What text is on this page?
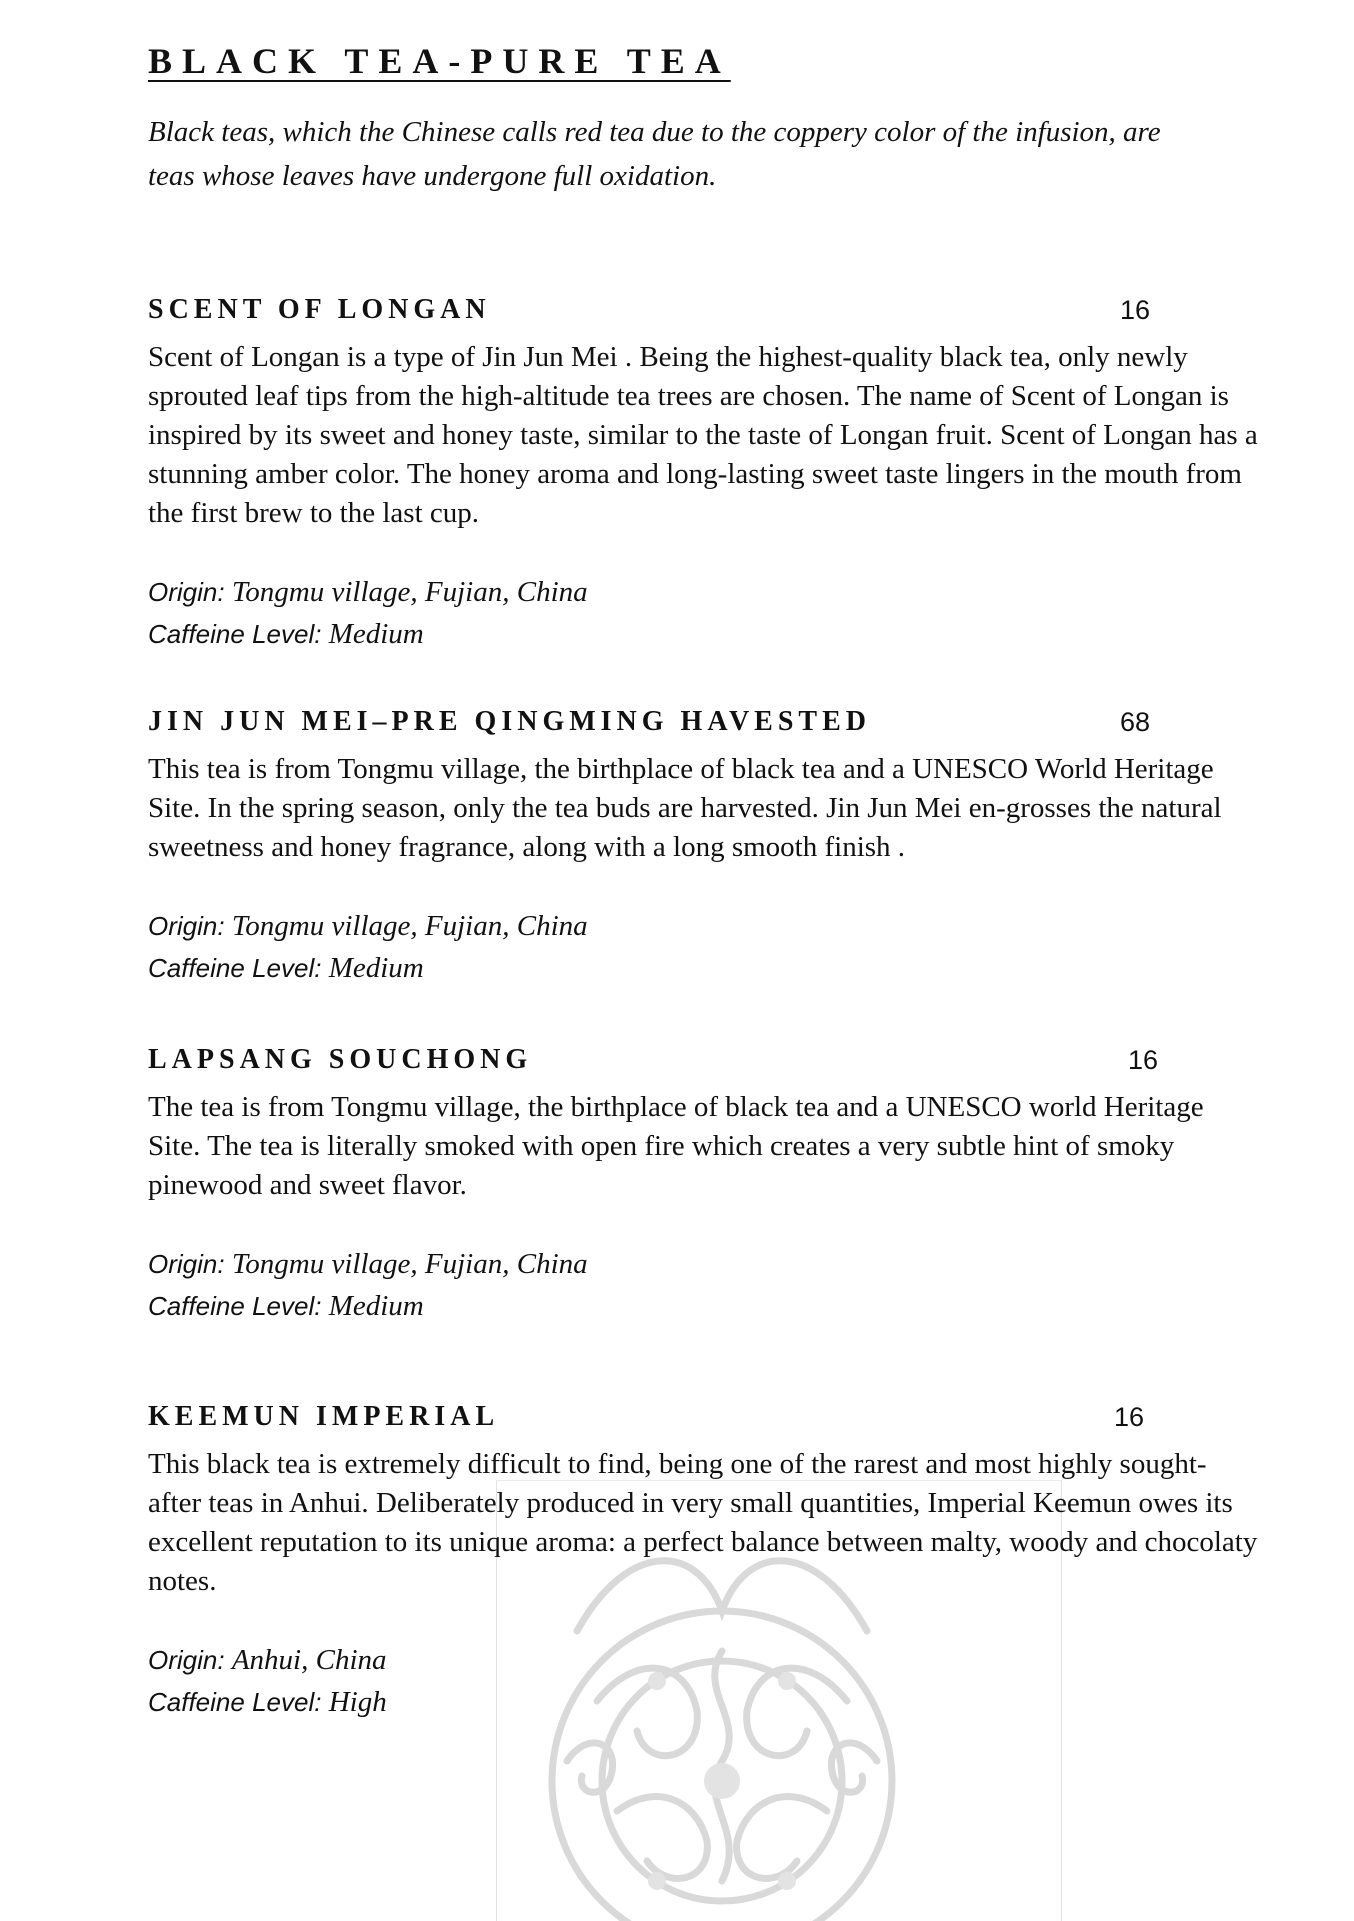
BLACK TEA-PURE TEA

Black teas, which the Chinese calls red tea due to the coppery color of the infusion, are teas whose leaves have undergone full oxidation.

SCENT OF LONGAN	16
Scent of Longan is a type of Jin Jun Mei . Being the highest-quality black tea, only newly sprouted leaf tips from the high-altitude tea trees are chosen. The name of Scent of Longan is inspired by its sweet and honey taste, similar to the taste of Longan fruit. Scent of Longan has a stunning amber color. The honey aroma and long-lasting sweet taste lingers in the mouth from the first brew to the last cup.
Origin: Tongmu village, Fujian, China
Caffeine Level: Medium
JIN JUN MEI–PRE QINGMING HAVESTED	68
This tea is from Tongmu village, the birthplace of black tea and a UNESCO World Heritage Site. In the spring season, only the tea buds are harvested. Jin Jun Mei en-grosses the natural sweetness and honey fragrance, along with a long smooth finish .
Origin: Tongmu village, Fujian, China
Caffeine Level: Medium
LAPSANG SOUCHONG	16
The tea is from Tongmu village, the birthplace of black tea and a UNESCO world Heritage Site. The tea is literally smoked with open fire which creates a very subtle hint of smoky pinewood and sweet flavor.
Origin: Tongmu village, Fujian, China
Caffeine Level: Medium
KEEMUN IMPERIAL	16
This black tea is extremely difficult to find, being one of the rarest and most highly sought-after teas in Anhui. Deliberately produced in very small quantities, Imperial Keemun owes its excellent reputation to its unique aroma: a perfect balance between malty, woody and chocolaty notes.
Origin: Anhui, China
Caffeine Level: High
